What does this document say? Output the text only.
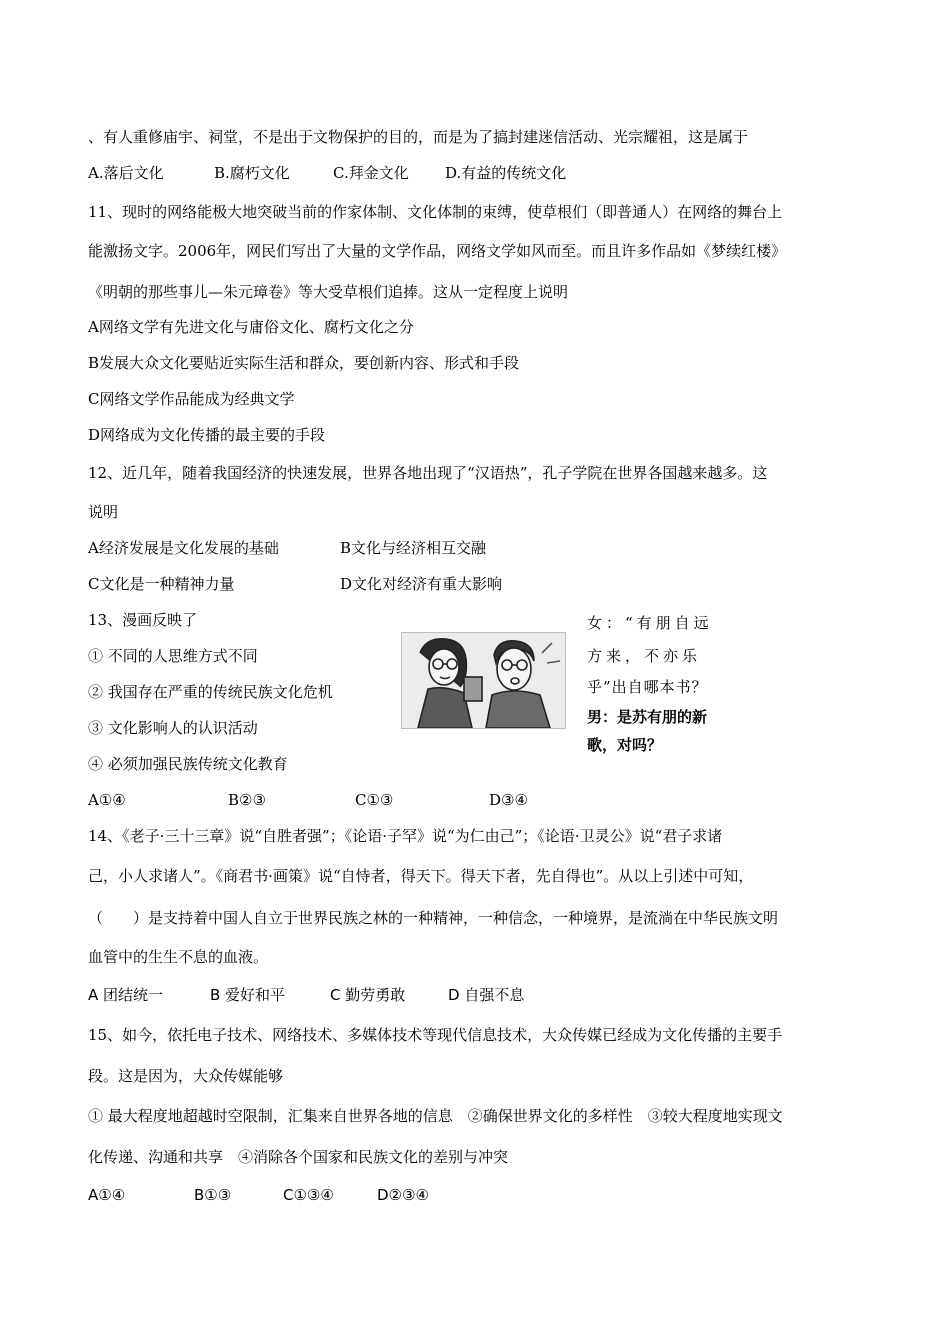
、有人重修庙宇、祠堂，不是出于文物保护的目的，而是为了搞封建迷信活动、光宗耀祖，这是属于
A.落后文化	B.腐朽文化	C.拜金文化 D.有益的传统文化
11、现时的网络能极大地突破当前的作家体制、文化体制的束缚，使草根们（即普通人）在网络的舞台上
能激扬文字。2006年，网民们写出了大量的文学作品，网络文学如风而至。而且许多作品如《梦续红楼》
《明朝的那些事儿—朱元璋卷》等大受草根们追捧。这从一定程度上说明
A网络文学有先进文化与庸俗文化、腐朽文化之分
B发展大众文化要贴近实际生活和群众，要创新内容、形式和手段
C网络文学作品能成为经典文学
D网络成为文化传播的最主要的手段
12、近几年，随着我国经济的快速发展，世界各地出现了“汉语热”，孔子学院在世界各国越来越多。这
说明
A经济发展是文化发展的基础	B文化与经济相互交融
C文化是一种精神力量	D文化对经济有重大影响
13、漫画反映了
① 不同的人思维方式不同
② 我国存在严重的传统民族文化危机
③ 文化影响人的认识活动
④ 必须加强民族传统文化教育
A①④	B②③	C①③	D③④
女：“有朋自远
方来，不亦乐
乎”出自哪本书？
男：是苏有朋的新
歌，对吗？
14、《老子·三十三章》说“自胜者强”；《论语·子罕》说“为仁由己”；《论语·卫灵公》说“君子求诸
己，小人求诸人”。《商君书·画策》说“自恃者，得天下。得天下者，先自得也”。从以上引述中可知，
（　　）是支持着中国人自立于世界民族之林的一种精神，一种信念，一种境界，是流淌在中华民族文明
血管中的生生不息的血液。
A 团结统一	B 爱好和平	C 勤劳勇敢	D 自强不息
15、如今，依托电子技术、网络技术、多媒体技术等现代信息技术，大众传媒已经成为文化传播的主要手
段。这是因为，大众传媒能够
① 最大程度地超越时空限制，汇集来自世界各地的信息　②确保世界文化的多样性　③较大程度地实现文
化传递、沟通和共享　④消除各个国家和民族文化的差别与冲突
A①④	B①③	C①③④	D②③④
